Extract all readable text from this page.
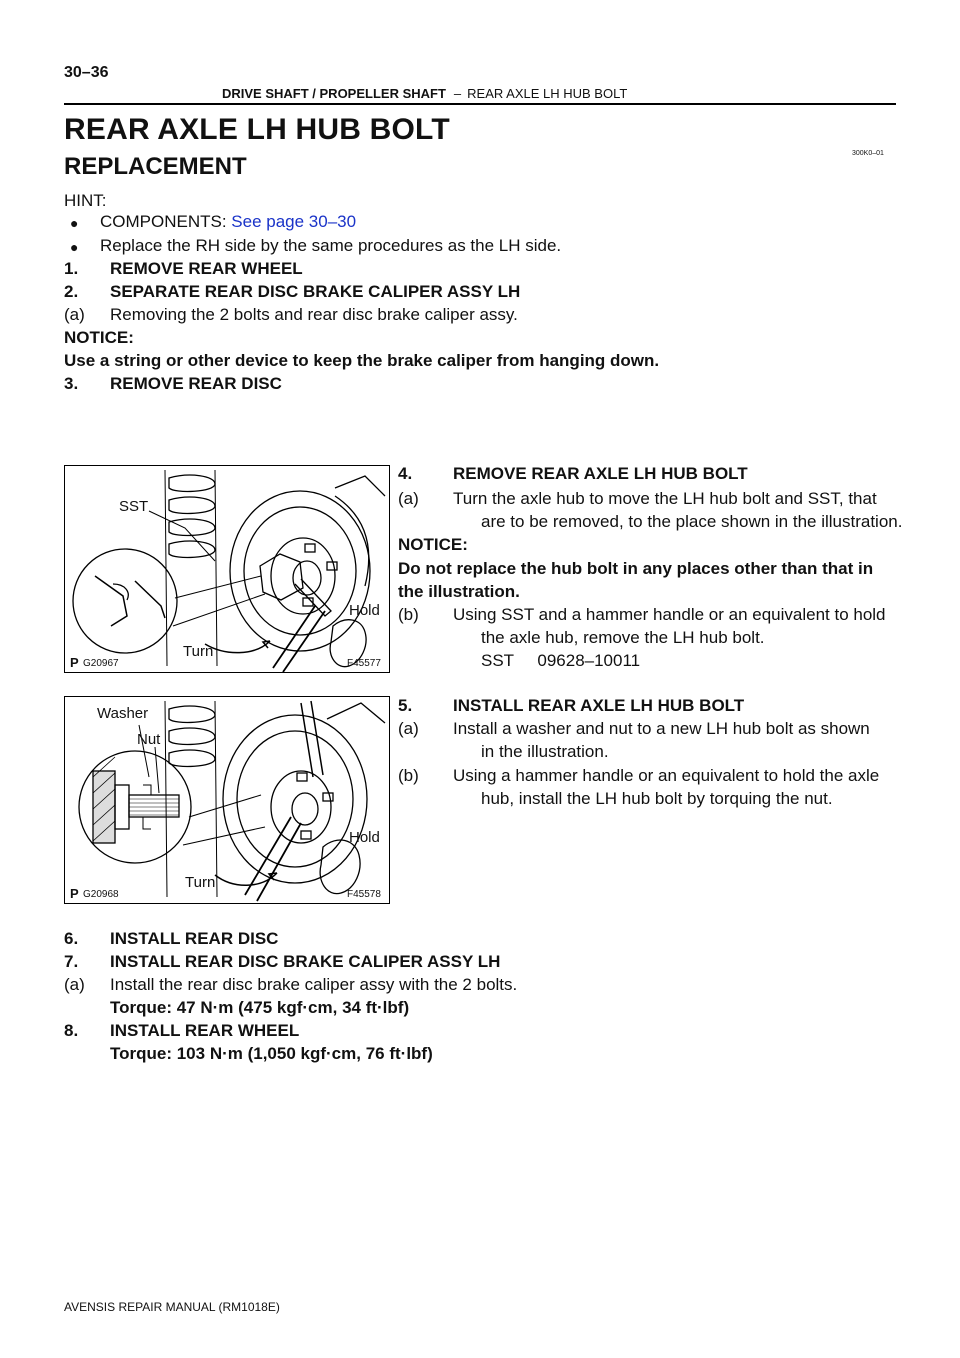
30–36
DRIVE SHAFT / PROPELLER SHAFT – REAR AXLE LH HUB BOLT
REAR AXLE LH HUB BOLT
REPLACEMENT	300K0–01
HINT:
● COMPONENTS: See page 30–30
● Replace the RH side by the same procedures as the LH side.
1. REMOVE REAR WHEEL
2. SEPARATE REAR DISC BRAKE CALIPER ASSY LH
(a) Removing the 2 bolts and rear disc brake caliper assy.
NOTICE:
Use a string or other device to keep the brake caliper from hanging down.
3. REMOVE REAR DISC
SST
Hold
Turn
P G20967	F45577
4. REMOVE REAR AXLE LH HUB BOLT
(a) Turn the axle hub to move the LH hub bolt and SST, that
are to be removed, to the place shown in the illustration.
NOTICE:
Do not replace the hub bolt in any places other than that in
the illustration.
(b) Using SST and a hammer handle or an equivalent to hold
the axle hub, remove the LH hub bolt.
SST     09628–10011
Washer
Nut
Hold
Turn
P G20968	F45578
5. INSTALL REAR AXLE LH HUB BOLT
(a) Install a washer and nut to a new LH hub bolt as shown
in the illustration.
(b) Using a hammer handle or an equivalent to hold the axle
hub, install the LH hub bolt by torquing the nut.
6. INSTALL REAR DISC
7. INSTALL REAR DISC BRAKE CALIPER ASSY LH
(a) Install the rear disc brake caliper assy with the 2 bolts.
Torque: 47 N·m (475 kgf·cm, 34 ft·lbf)
8. INSTALL REAR WHEEL
Torque: 103 N·m (1,050 kgf·cm, 76 ft·lbf)
AVENSIS REPAIR MANUAL (RM1018E)
